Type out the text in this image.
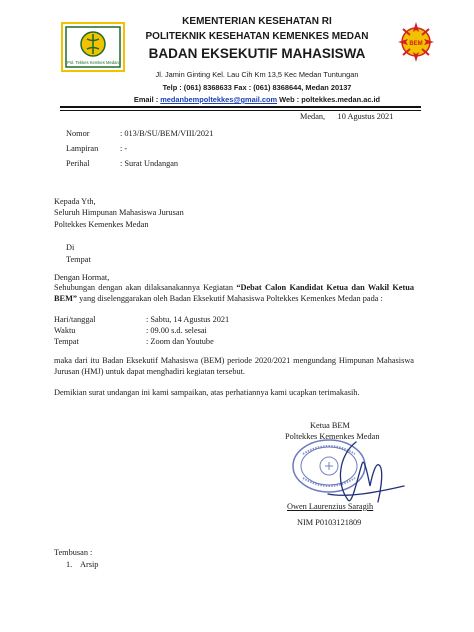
Pol. Tekkes Kemkes Medan
BEM
KEMENTERIAN KESEHATAN RI
POLITEKNIK KESEHATAN KEMENKES MEDAN
BADAN EKSEKUTIF MAHASISWA
Jl. Jamin Ginting Kel. Lau Cih Km 13,5 Kec Medan Tuntungan
Telp : (061) 8368633 Fax : (061) 8368644, Medan 20137
Email : medanbempoltekkes@gmail.com Web : poltekkes.medan.ac.id
Medan,      10 Agustus 2021
Nomor	: 013/B/SU/BEM/VIII/2021
Lampiran	: -
Perihal	: Surat Undangan
Kepada Yth,
Seluruh Himpunan Mahasiswa Jurusan
Poltekkes Kemenkes Medan
Di
Tempat
Dengan Hormat,
Sehubungan dengan akan dilaksanakannya Kegiatan “Debat Calon Kandidat Ketua dan Wakil Ketua BEM” yang diselenggarakan oleh Badan Eksekutif Mahasiswa Poltekkes Kemenkes Medan pada :
Hari/tanggal	: Sabtu, 14 Agustus 2021
Waktu	: 09.00 s.d. selesai
Tempat	: Zoom dan Youtube
maka dari itu Badan Eksekutif Mahasiswa (BEM) periode 2020/2021 mengundang Himpunan Mahasiswa Jurusan (HMJ) untuk dapat menghadiri kegiatan tersebut.
Demikian surat undangan ini kami sampaikan, atas perhatiannya kami ucapkan terimakasih.
Ketua BEM
Poltekkes Kemenkes Medan
Owen Laurenzius Saragih
NIM P0103121809
Tembusan :
1. Arsip
